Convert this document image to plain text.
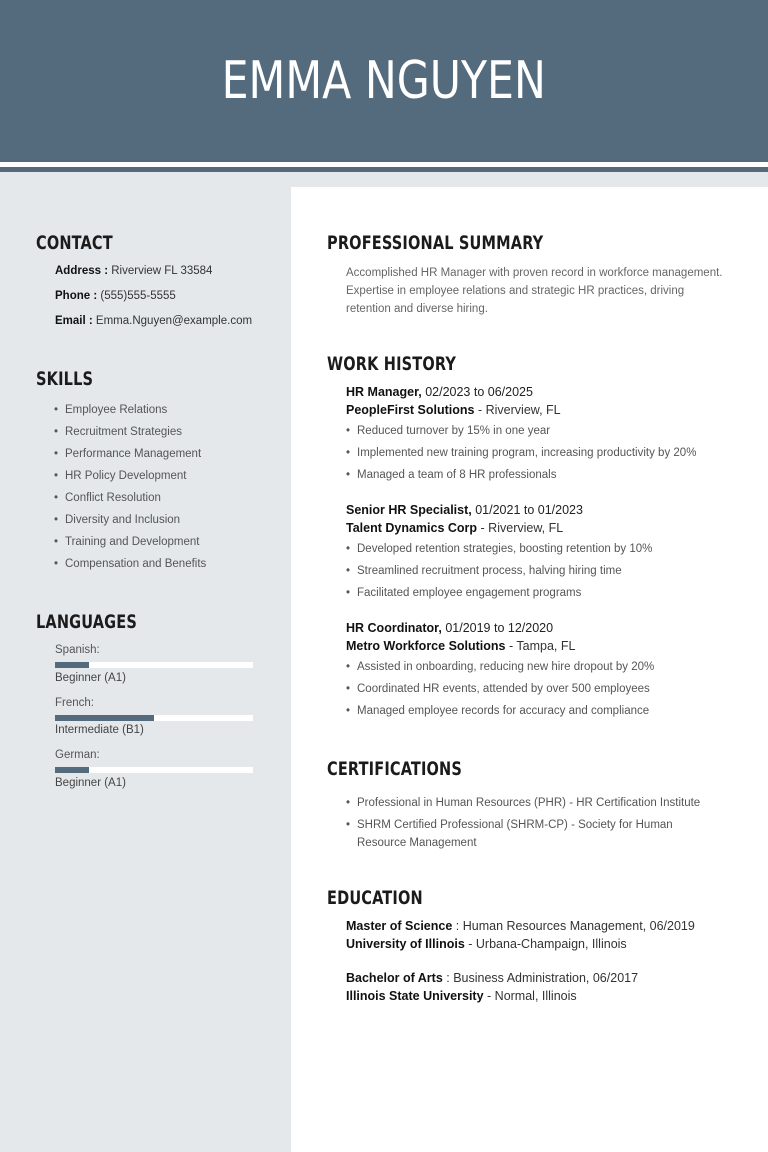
EMMA NGUYEN
CONTACT
Address : Riverview FL 33584
Phone : (555)555-5555
Email : Emma.Nguyen@example.com
SKILLS
• Employee Relations
• Recruitment Strategies
• Performance Management
• HR Policy Development
• Conflict Resolution
• Diversity and Inclusion
• Training and Development
• Compensation and Benefits
LANGUAGES
Spanish:
Beginner (A1)
French:
Intermediate (B1)
German:
Beginner (A1)
PROFESSIONAL SUMMARY
Accomplished HR Manager with proven record in workforce management. Expertise in employee relations and strategic HR practices, driving retention and diverse hiring.
WORK HISTORY
HR Manager, 02/2023 to 06/2025
PeopleFirst Solutions - Riverview, FL
• Reduced turnover by 15% in one year
• Implemented new training program, increasing productivity by 20%
• Managed a team of 8 HR professionals
Senior HR Specialist, 01/2021 to 01/2023
Talent Dynamics Corp - Riverview, FL
• Developed retention strategies, boosting retention by 10%
• Streamlined recruitment process, halving hiring time
• Facilitated employee engagement programs
HR Coordinator, 01/2019 to 12/2020
Metro Workforce Solutions - Tampa, FL
• Assisted in onboarding, reducing new hire dropout by 20%
• Coordinated HR events, attended by over 500 employees
• Managed employee records for accuracy and compliance
CERTIFICATIONS
• Professional in Human Resources (PHR) - HR Certification Institute
• SHRM Certified Professional (SHRM-CP) - Society for Human Resource Management
EDUCATION
Master of Science : Human Resources Management, 06/2019
University of Illinois - Urbana-Champaign, Illinois
Bachelor of Arts : Business Administration, 06/2017
Illinois State University - Normal, Illinois
